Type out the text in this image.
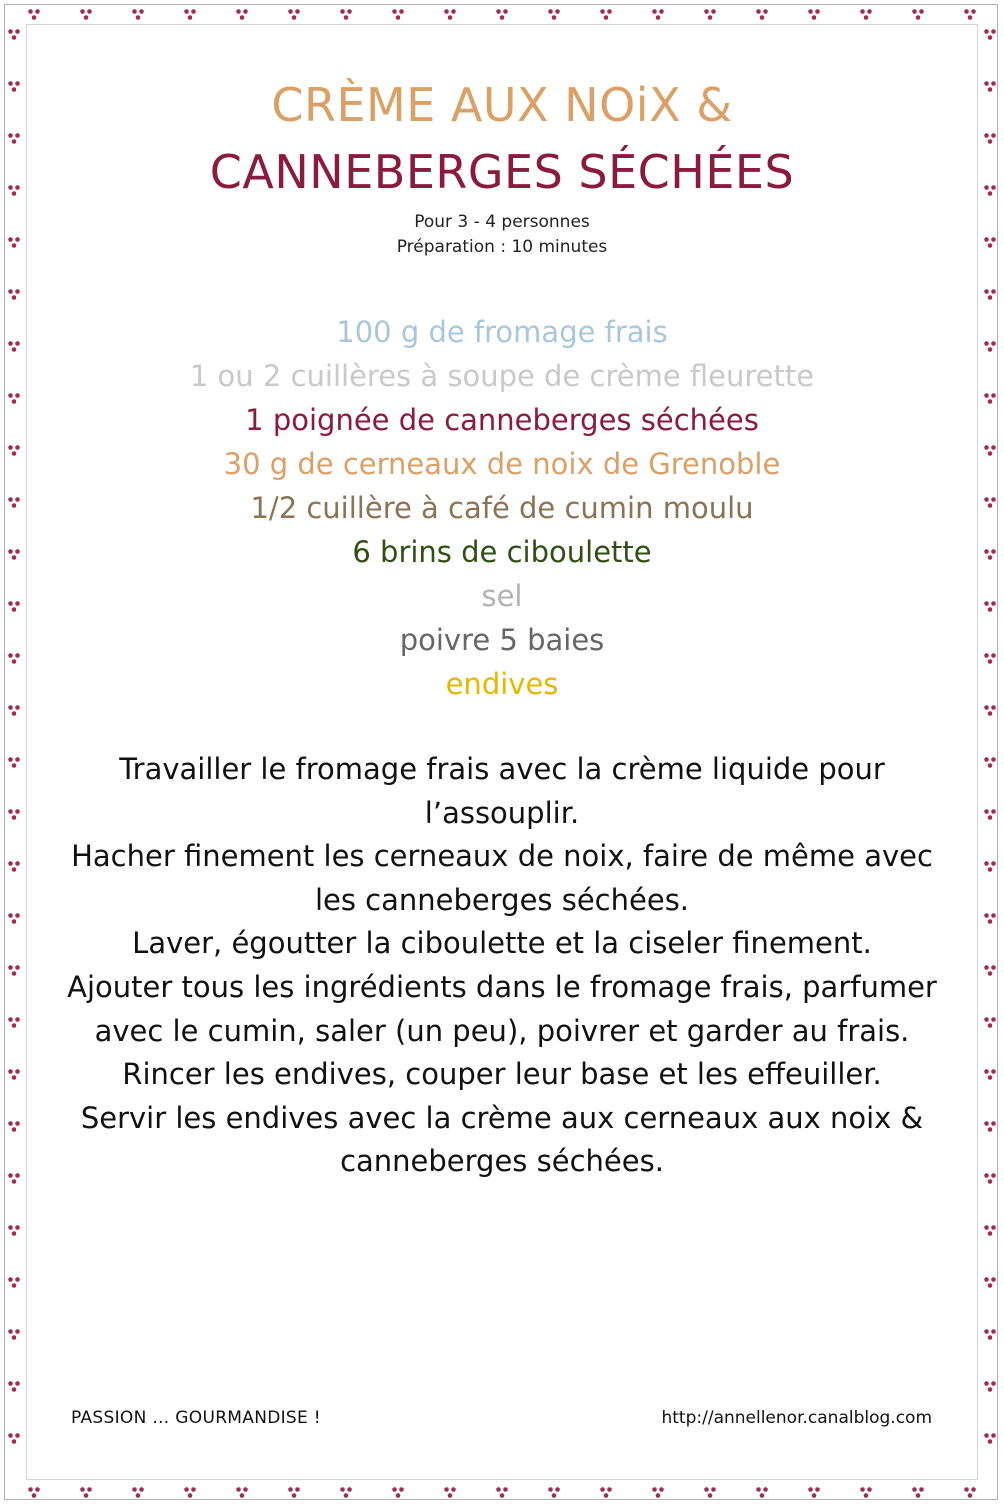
CRÈME AUX NOiX &
CANNEBERGES SÉCHÉES
Pour 3 - 4 personnes
Préparation : 10 minutes
100 g de fromage frais
1 ou 2 cuillères à soupe de crème fleurette
1 poignée de canneberges séchées
30 g de cerneaux de noix de Grenoble
1/2 cuillère à café de cumin moulu
6 brins de ciboulette
sel
poivre 5 baies
endives

Travailler le fromage frais avec la crème liquide pour l’assouplir.

Hacher finement les cerneaux de noix, faire de même avec les canneberges séchées.

Laver, égoutter la ciboulette et la ciseler finement.

Ajouter tous les ingrédients dans le fromage frais, parfumer avec le cumin, saler (un peu), poivrer et garder au frais.

Rincer les endives, couper leur base et les effeuiller.

Servir les endives avec la crème aux cerneaux aux noix & canneberges séchées.

PASSION … GOURMANDISE !	http://annellenor.canalblog.com
